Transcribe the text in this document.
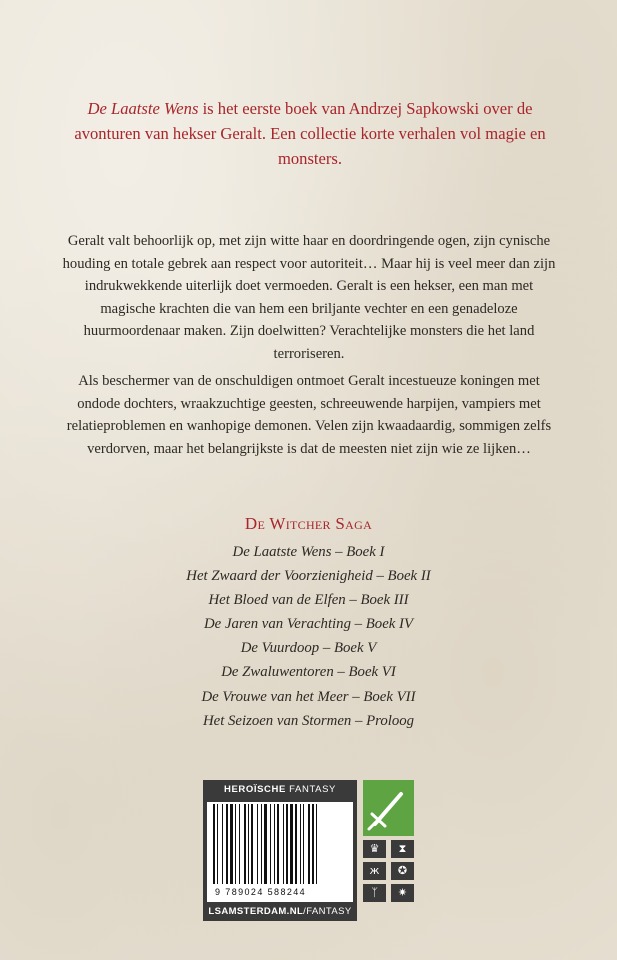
De Laatste Wens is het eerste boek van Andrzej Sapkowski over de avonturen van hekser Geralt. Een collectie korte verhalen vol magie en monsters.
Geralt valt behoorlijk op, met zijn witte haar en doordringende ogen, zijn cynische houding en totale gebrek aan respect voor autoriteit… Maar hij is veel meer dan zijn indrukwekkende uiterlijk doet vermoeden. Geralt is een hekser, een man met magische krachten die van hem een briljante vechter en een genadeloze huurmoordenaar maken. Zijn doelwitten? Verachtelijke monsters die het land terroriseren.
Als beschermer van de onschuldigen ontmoet Geralt incestueuze koningen met ondode dochters, wraakzuchtige geesten, schreeuwende harpijen, vampiers met relatieproblemen en wanhopige demonen. Velen zijn kwaadaardig, sommigen zelfs verdorven, maar het belangrijkste is dat de meesten niet zijn wie ze lijken…
De Witcher Saga
De Laatste Wens – Boek I
Het Zwaard der Voorzienigheid – Boek II
Het Bloed van de Elfen – Boek III
De Jaren van Verachting – Boek IV
De Vuurdoop – Boek V
De Zwaluwentoren – Boek VI
De Vrouwe van het Meer – Boek VII
Het Seizoen van Stormen – Proloog
HEROÏSCHE FANTASY
9 789024 588244
LSAMSTERDAM.NL/FANTASY
♛	⧗
ж	✪
ᛉ	✷
